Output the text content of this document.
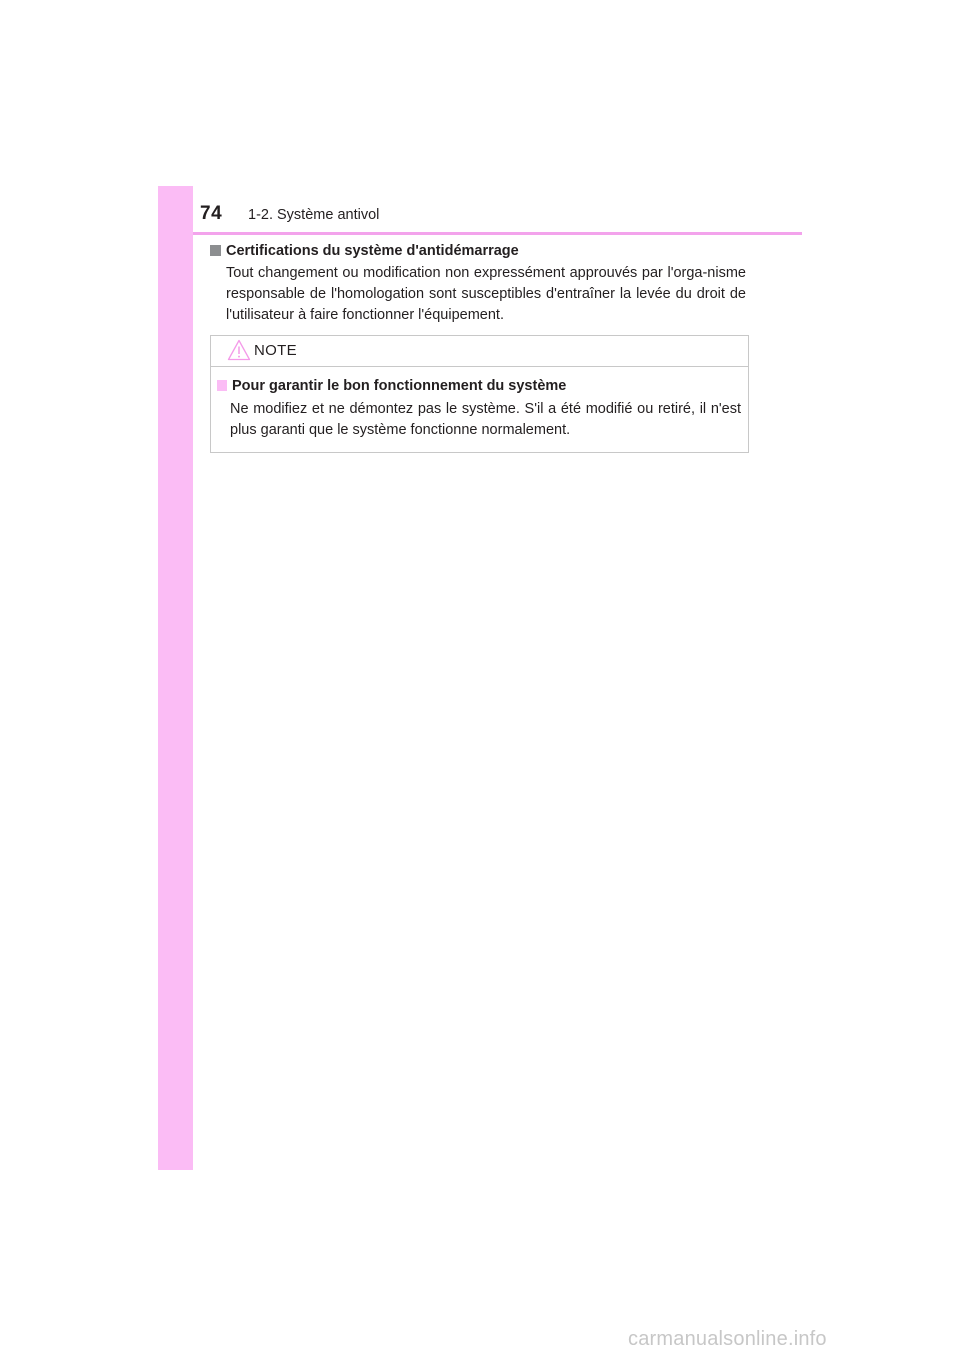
74 1-2. Système antivol
Certifications du système d'antidémarrage
Tout changement ou modification non expressément approuvés par l'orga-nisme responsable de l'homologation sont susceptibles d'entraîner la levée du droit de l'utilisateur à faire fonctionner l'équipement.
NOTE
Pour garantir le bon fonctionnement du système
Ne modifiez et ne démontez pas le système. S'il a été modifié ou retiré, il n'est plus garanti que le système fonctionne normalement.
carmanualsonline.info
